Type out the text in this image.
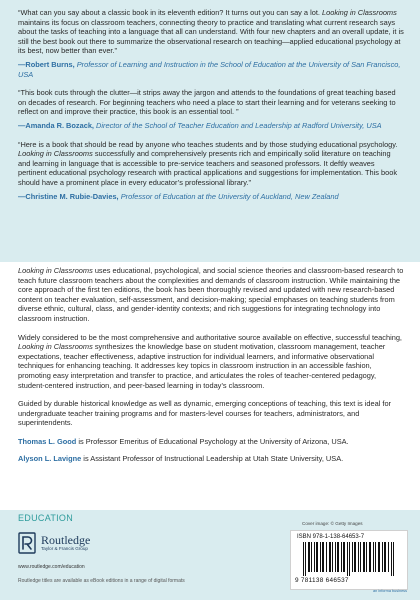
“What can you say about a classic book in its eleventh edition? It turns out you can say a lot. Looking in Classrooms maintains its focus on classroom teachers, connecting theory to practice and translating what current research says about the tasks of teaching into a language that all can understand. With four new chapters and an overall update, it is still the best book out there to summarize the observational research on teaching—applied educational psychology at its best, now better than ever.”

—Robert Burns, Professor of Learning and Instruction in the School of Education at the University of San Francisco, USA

“This book cuts through the clutter—it strips away the jargon and attends to the foundations of great teaching based on decades of research. For beginning teachers who need a place to start their learning and for veterans seeking to reflect on and improve their practice, this book is an essential tool. ”

—Amanda R. Bozack, Director of the School of Teacher Education and Leadership at Radford University, USA

“Here is a book that should be read by anyone who teaches students and by those studying educational psychology. Looking in Classrooms successfully and comprehensively presents rich and empirically solid literature on teaching and learning in language that is accessible to pre-service teachers and seasoned professors. It deftly weaves pertinent educational psychology research with practical applications and suggestions for implementation. This book should have a prominent place in every educator’s professional library.”

—Christine M. Rubie-Davies, Professor of Education at the University of Auckland, New Zealand

Looking in Classrooms uses educational, psychological, and social science theories and classroom-based research to teach future classroom teachers about the complexities and demands of classroom instruction. While maintaining the core approach of the first ten editions, the book has been thoroughly revised and updated with new research-based content on teacher evaluation, self-assessment, and decision-making; special emphases on teaching students from diverse ethnic, cultural, class, and gender-identity contexts; and rich suggestions for integrating technology into classroom instruction.

Widely considered to be the most comprehensive and authoritative source available on effective, successful teaching, Looking in Classrooms synthesizes the knowledge base on student motivation, classroom management, teacher expectations, teacher effectiveness, adaptive instruction for individual learners, and informative observational techniques for enhancing teaching. It addresses key topics in classroom instruction in an accessible fashion, promoting easy interpretation and transfer to practice, and articulates the roles of teacher-centered pedagogy, student-centered instruction, and peer-based learning in today’s classroom.

Guided by durable historical knowledge as well as dynamic, emerging conceptions of teaching, this text is ideal for undergraduate teacher training programs and for masters-level courses for teachers, administrators, and superintendents.

Thomas L. Good is Professor Emeritus of Educational Psychology at the University of Arizona, USA.

Alyson L. Lavigne is Assistant Professor of Instructional Leadership at Utah State University, USA.

EDUCATION
Routledge
Taylor & Francis Group
www.routledge.com/education
Routledge titles are available as eBook editions in a range of digital formats
Cover image: © Getty Images
ISBN 978-1-138-64653-7
9 781138 646537
an informa business
